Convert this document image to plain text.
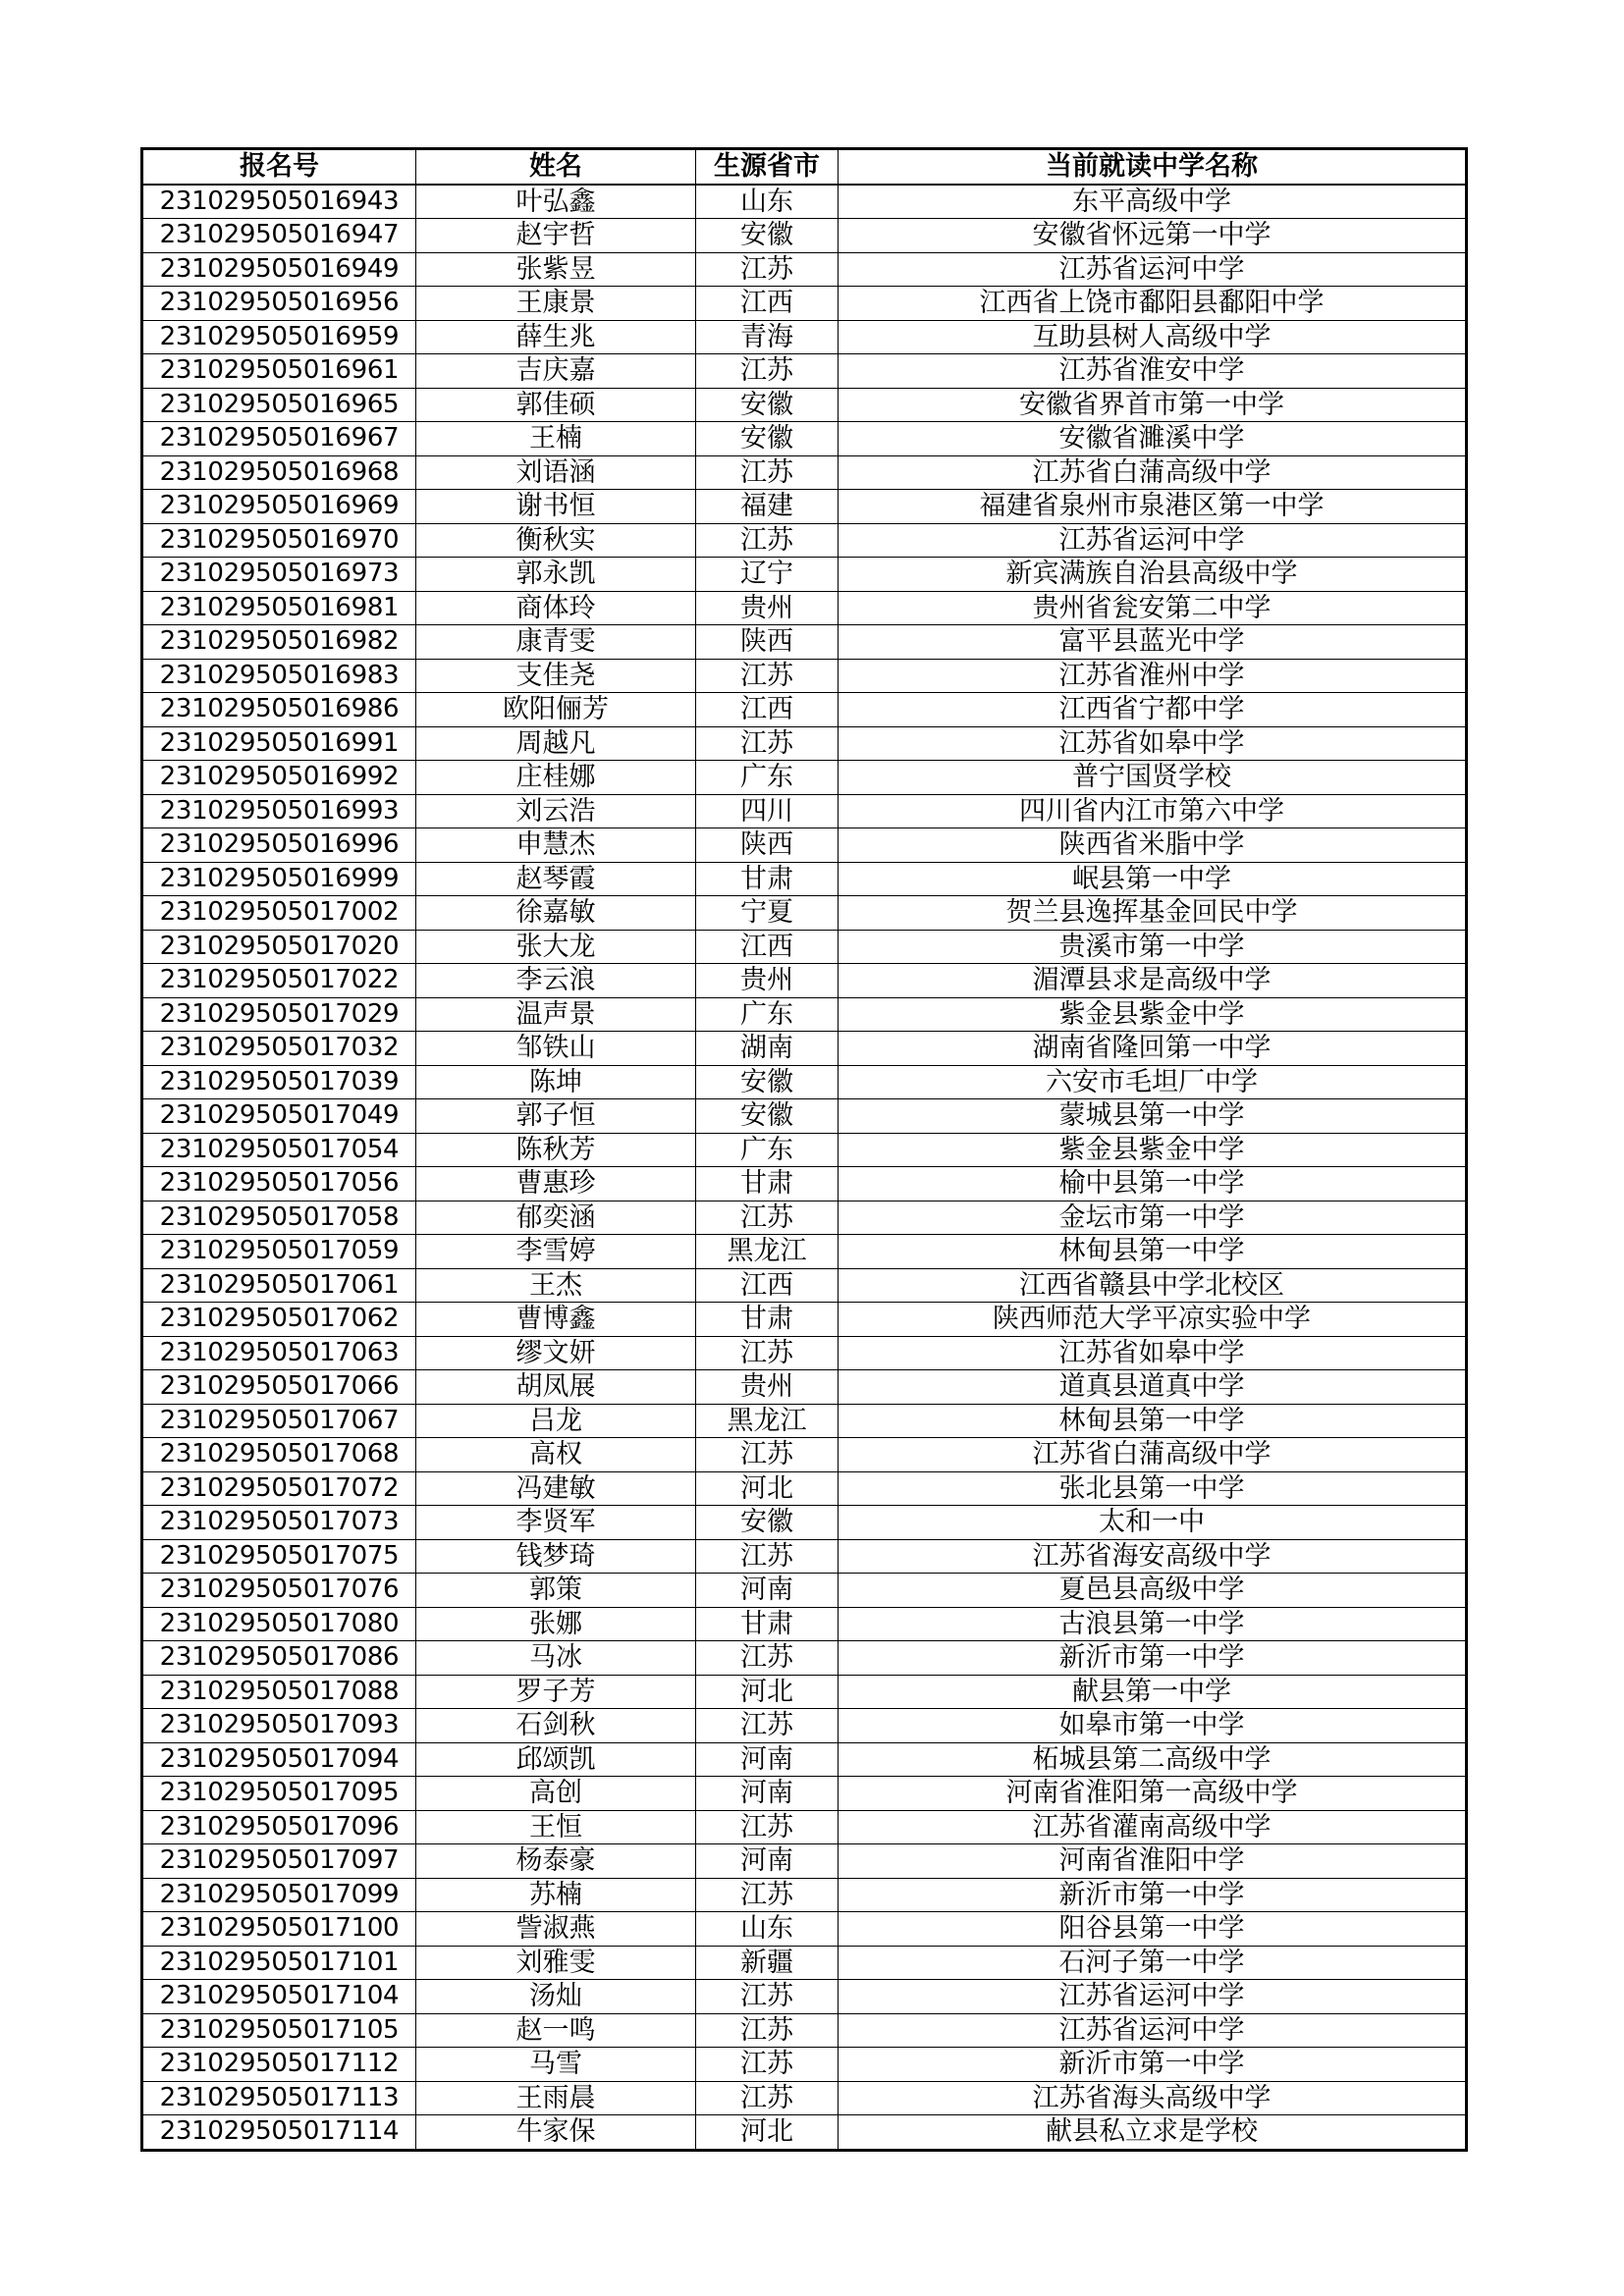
报名号	姓名	生源省市	当前就读中学名称
231029505016943	叶弘鑫	山东	东平高级中学
231029505016947	赵宇哲	安徽	安徽省怀远第一中学
231029505016949	张紫昱	江苏	江苏省运河中学
231029505016956	王康景	江西	江西省上饶市鄱阳县鄱阳中学
231029505016959	薛生兆	青海	互助县树人高级中学
231029505016961	吉庆嘉	江苏	江苏省淮安中学
231029505016965	郭佳硕	安徽	安徽省界首市第一中学
231029505016967	王楠	安徽	安徽省濉溪中学
231029505016968	刘语涵	江苏	江苏省白蒲高级中学
231029505016969	谢书恒	福建	福建省泉州市泉港区第一中学
231029505016970	衡秋实	江苏	江苏省运河中学
231029505016973	郭永凯	辽宁	新宾满族自治县高级中学
231029505016981	商体玲	贵州	贵州省瓮安第二中学
231029505016982	康青雯	陕西	富平县蓝光中学
231029505016983	支佳尧	江苏	江苏省淮州中学
231029505016986	欧阳俪芳	江西	江西省宁都中学
231029505016991	周越凡	江苏	江苏省如皋中学
231029505016992	庄桂娜	广东	普宁国贤学校
231029505016993	刘云浩	四川	四川省内江市第六中学
231029505016996	申慧杰	陕西	陕西省米脂中学
231029505016999	赵琴霞	甘肃	岷县第一中学
231029505017002	徐嘉敏	宁夏	贺兰县逸挥基金回民中学
231029505017020	张大龙	江西	贵溪市第一中学
231029505017022	李云浪	贵州	湄潭县求是高级中学
231029505017029	温声景	广东	紫金县紫金中学
231029505017032	邹铁山	湖南	湖南省隆回第一中学
231029505017039	陈坤	安徽	六安市毛坦厂中学
231029505017049	郭子恒	安徽	蒙城县第一中学
231029505017054	陈秋芳	广东	紫金县紫金中学
231029505017056	曹惠珍	甘肃	榆中县第一中学
231029505017058	郁奕涵	江苏	金坛市第一中学
231029505017059	李雪婷	黑龙江	林甸县第一中学
231029505017061	王杰	江西	江西省赣县中学北校区
231029505017062	曹博鑫	甘肃	陕西师范大学平凉实验中学
231029505017063	缪文妍	江苏	江苏省如皋中学
231029505017066	胡凤展	贵州	道真县道真中学
231029505017067	吕龙	黑龙江	林甸县第一中学
231029505017068	高权	江苏	江苏省白蒲高级中学
231029505017072	冯建敏	河北	张北县第一中学
231029505017073	李贤军	安徽	太和一中
231029505017075	钱梦琦	江苏	江苏省海安高级中学
231029505017076	郭策	河南	夏邑县高级中学
231029505017080	张娜	甘肃	古浪县第一中学
231029505017086	马冰	江苏	新沂市第一中学
231029505017088	罗子芳	河北	献县第一中学
231029505017093	石剑秋	江苏	如皋市第一中学
231029505017094	邱颂凯	河南	柘城县第二高级中学
231029505017095	高创	河南	河南省淮阳第一高级中学
231029505017096	王恒	江苏	江苏省灌南高级中学
231029505017097	杨泰豪	河南	河南省淮阳中学
231029505017099	苏楠	江苏	新沂市第一中学
231029505017100	訾淑燕	山东	阳谷县第一中学
231029505017101	刘雅雯	新疆	石河子第一中学
231029505017104	汤灿	江苏	江苏省运河中学
231029505017105	赵一鸣	江苏	江苏省运河中学
231029505017112	马雪	江苏	新沂市第一中学
231029505017113	王雨晨	江苏	江苏省海头高级中学
231029505017114	牛家保	河北	献县私立求是学校
